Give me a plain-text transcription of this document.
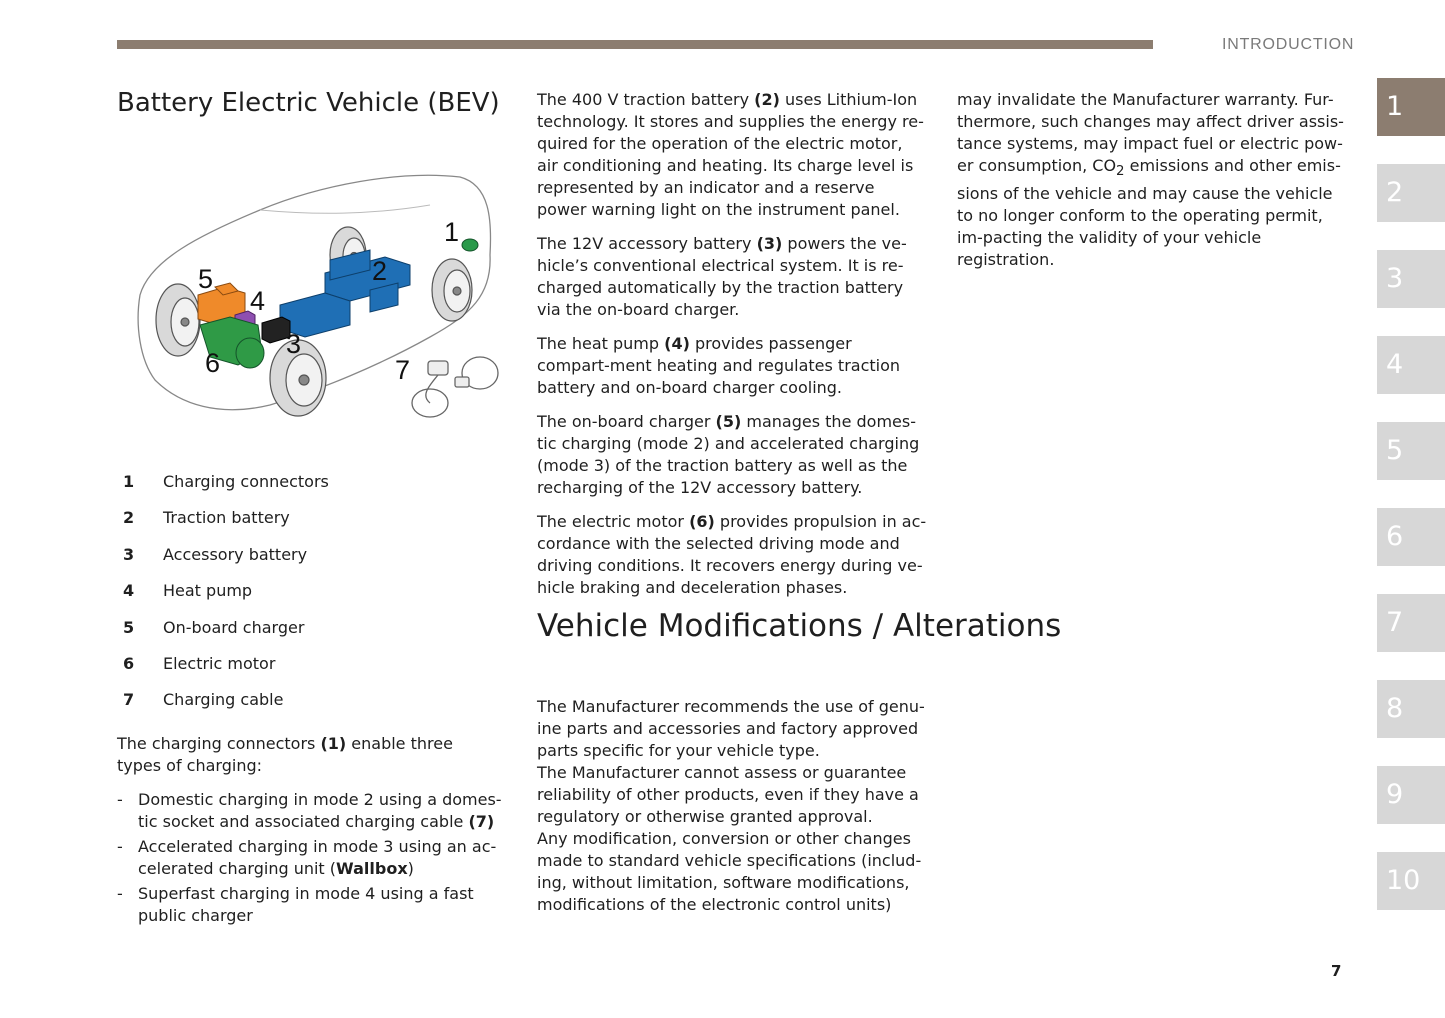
INTRODUCTION
Battery Electric Vehicle (BEV)
1
2
3
4
5
6	7
1	Charging connectors
2	Traction battery
3	Accessory battery
4	Heat pump
5	On-board charger
6	Electric motor
7	Charging cable

The charging connectors (1) enable three types of charging:

- Domestic charging in mode 2 using a domes-tic socket and associated charging cable (7)
- Accelerated charging in mode 3 using an ac-celerated charging unit (Wallbox)
- Superfast charging in mode 4 using a fast public charger

The 400 V traction battery (2) uses Lithium-Ion technology. It stores and supplies the energy re-quired for the operation of the electric motor, air conditioning and heating. Its charge level is represented by an indicator and a reserve power warning light on the instrument panel.

The 12V accessory battery (3) powers the ve-hicle’s conventional electrical system. It is re-charged automatically by the traction battery via the on-board charger.

The heat pump (4) provides passenger compart-ment heating and regulates traction battery and on-board charger cooling.

The on-board charger (5) manages the domes-tic charging (mode 2) and accelerated charging (mode 3) of the traction battery as well as the recharging of the 12V accessory battery.

The electric motor (6) provides propulsion in ac-cordance with the selected driving mode and driving conditions. It recovers energy during ve-hicle braking and deceleration phases.

Vehicle Modifications / Alterations

The Manufacturer recommends the use of genu-ine parts and accessories and factory approved parts specific for your vehicle type.

The Manufacturer cannot assess or guarantee reliability of other products, even if they have a regulatory or otherwise granted approval.

Any modification, conversion or other changes made to standard vehicle specifications (includ-ing, without limitation, software modifications, modifications of the electronic control units)

may invalidate the Manufacturer warranty. Fur-thermore, such changes may affect driver assis-tance systems, may impact fuel or electric pow-er consumption, $CO_2$ emissions and other emis-sions of the vehicle and may cause the vehicle to no longer conform to the operating permit, im-pacting the validity of your vehicle registration.

1
2
3
4
5
6
7
8
9
10
7
